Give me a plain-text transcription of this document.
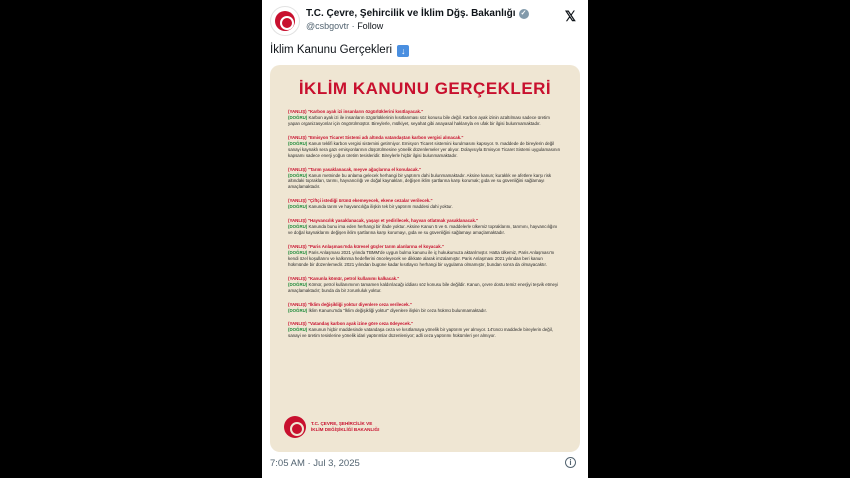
T.C. Çevre, Şehircilik ve İklim Dğş. Bakanlığı ✓
@csbgovtr · Follow
𝕏
İklim Kanunu Gerçekleri ↓
İKLİM KANUNU GERÇEKLERİ
(YANLIŞ) "Karbon ayak izi insanların özgürlüklerini kısıtlayacak."
(DOĞRU) Karbon ayak izi ile insanların özgürlüklerinin kısıtlanması söz konusu bile değil. Karbon ayak izinin azaltılması sadece üretim yapan organizasyonlar için öngörülmüştür. Bireylerle, mülkiyet, seyahat gibi anayasal haklarıyla en ufak bir ilgisi bulunmamaktadır.
(YANLIŞ) "Emisyon Ticaret Sistemi adı altında vatandaştan karbon vergisi alınacak."
(DOĞRU) Kanun teklifi karbon vergisi sistemini getirmiyor. Emisyon Ticaret sistemini kurulmasını kapsıyor. 9. maddede de bireylerin değil sanayi kaynaklı sera gazı emisyonlarının düşürülmesine yönelik düzenlemeler yer alıyor. Dolayısıyla Emisyon Ticaret Sistemi uygulamasının kapsamı sadece enerji yoğun üretim tesisleridir. Bireylerle hiçbir ilgisi bulunmamaktadır.
(YANLIŞ) "Tarım yasaklanacak, meyve ağaçlarına el konulacak."
(DOĞRU) Kanun metninde bu anlama gelecek herhangi bir yaptırım dahi bulunmamaktadır. Aksine kanun; kuraklık ve afetlere karşı risk altındaki toprakları, tarımı, hayvancılığı ve doğal kaynakları, değişen iklim şartlarına karşı korumak; gıda ve su güvenliğini sağlamayı amaçlamaktadır.
(YANLIŞ) "Çiftçi istediği ürünü ekemeyecek, ekene cezalar verilecek."
(DOĞRU) Kanunda tarım ve hayvancılığa ilişkin tek bir yaptırım maddesi dahi yoktur.
(YANLIŞ) "Hayvancılık yasaklanacak, yaşayı et yedirilecek, hayvan otlatmak yasaklanacak."
(DOĞRU) Kanunda bunu ima eden herhangi bir ifade yoktur. Aksine Kanun 5 ve 6. maddelerle ülkemiz topraklarını, tarımını, hayvancılığını ve doğal kaynaklarını değişen iklim şartlarına karşı korumayı, gıda ve su güvenliğini sağlamayı amaçlamaktadır.
(YANLIŞ) "Paris Anlaşması'nda küresel güçler tarım alanlarına el koyacak."
(DOĞRU) Paris Anlaşması 2021 yılında TBMM'de uygun bulma kanunu ile iç hukukumuza aktarılmıştır. Hatta ülkemiz, Paris Anlaşması'nı kendi özel koşullarını ve kalkınma hedeflerini önceleyecek ve dikkate alarak imzalamıştır. Paris Anlaşması 2021 yılından beri kanun hükmünde bir düzenlemedir. 2021 yılından bugüne kadar kısıtlayıcı herhangi bir uygulama olmamıştır, bundan sonra da olmayacaktır.
(YANLIŞ) "Kanunla kömür, petrol kullanımı kalkacak."
(DOĞRU) Kömür, petrol kullanımının tamamen kaldırılacağı iddiası söz konusu bile değildir. Kanun, çevre dostu temiz enerjiyi teşvik etmeyi amaçlamaktadır; bunda da bir zorunluluk yoktur.
(YANLIŞ) "İklim değişikliği yoktur diyenlere ceza verilecek."
(DOĞRU) İklim Kanunu'nda "İklim değişikliği yoktur" diyenlere ilişkin bir ceza hükmü bulunmamaktadır.
(YANLIŞ) "Vatandaş karbon ayak izine göre ceza ödeyecek."
(DOĞRU) Kanunun hiçbir maddesinde vatandaşa ceza ve kısıtlamaya yönelik bir yaptırım yer almıyor. 14'üncü maddede bireylerin değil, sanayi ve üretim tesislerine yönelik idari yaptırımlar düzenleniyor; adli ceza yaptırımı hükümleri yer almıyor.
T.C. ÇEVRE, ŞEHİRCİLİK VE
İKLİM DEĞİŞİKLİĞİ BAKANLIĞI
7:05 AM · Jul 3, 2025	i
